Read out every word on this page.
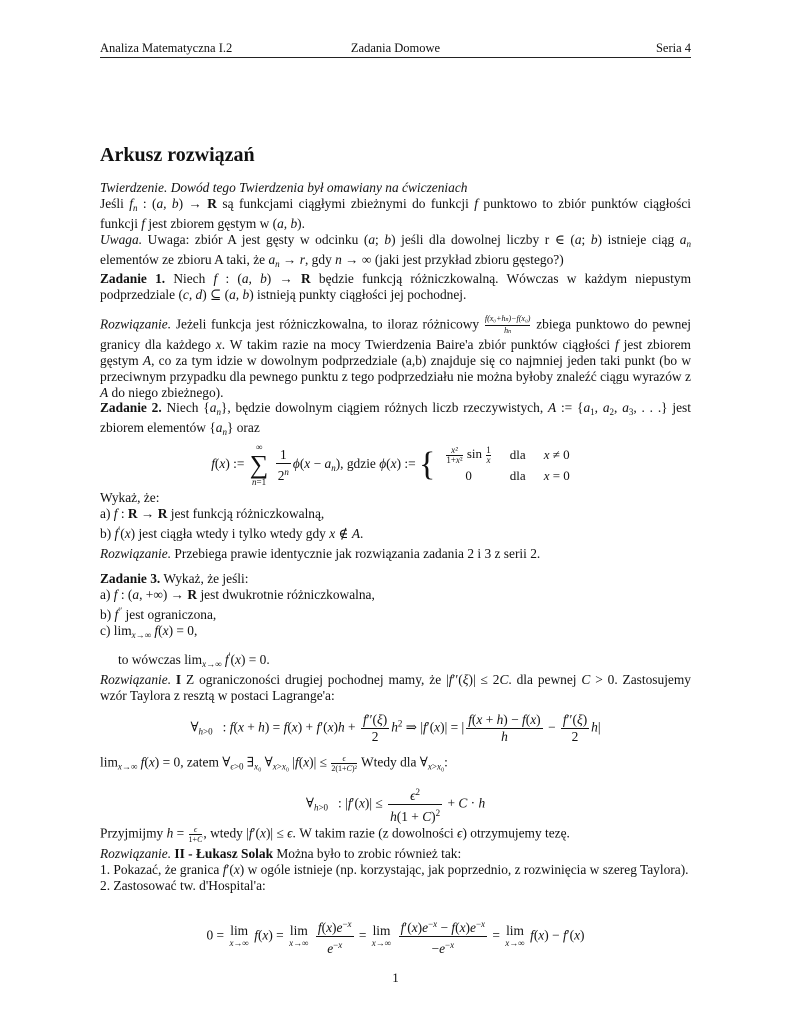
Analiza Matematyczna I.2	Zadania Domowe	Seria 4
Arkusz rozwiązań

Twierdzenie. Dowód tego Twierdzenia był omawiany na ćwiczeniach

Jeśli $f_n$ : (a, b) → R są funkcjami ciągłymi zbieżnymi do funkcji f punktowo to zbiór punktów ciągłości funkcji f jest zbiorem gęstym w (a, b).

Uwaga. Uwaga: zbiór A jest gęsty w odcinku (a; b) jeśli dla dowolnej liczby r ∈ (a; b) istnieje ciąg $a_n$ elementów ze zbioru A taki, że $a_n \to r$, gdy n → ∞ (jaki jest przykład zbioru gęstego?)

Zadanie 1. Niech f : (a, b) → R będzie funkcją różniczkowalną. Wówczas w każdym niepustym podprzedziale (c, d) ⊆ (a, b) istnieją punkty ciągłości jej pochodnej.

Rozwiązanie. Jeżeli funkcja jest różniczkowalna, to iloraz różnicowy $\frac{\text{f(x₀+hn)−f(x₀)}}{hn}$ zbiega punktowo do pewnej granicy dla każdego x. W takim razie na mocy Twierdzenia Baire'a zbiór punktów ciągłości f jest zbiorem gęstym A, co za tym idzie w dowolnym podprzedziale (a,b) znajduje się co najmniej jeden taki punkt (bo w przeciwnym przypadku dla pewnego punktu z tego podprzedziału nie można byłoby znaleźć ciągu wyrazów z A do niego zbieżnego).

Zadanie 2. Niech $\{a_n\}$, będzie dowolnym ciągiem różnych liczb rzeczywistych, A := {$a_1$, $a_2$, $a_3$, . . .} jest zbiorem elementów $\{a_n\}$ oraz

f(x) :=
∞
∑
n=1
$\frac{1}{2^n} \phi(x - a_n)$, gdzie ϕ(x) := { $\frac{\text{x²}}{\text{1+x²}}$ $\sin \frac{1}{x}$	dla	x ≠ 0
0	dla	x = 0

Wykaż, że:

a) f : R → R jest funkcją różniczkowalną,

b) f′(x) jest ciągła wtedy i tylko wtedy gdy x ∉ A.

Rozwiązanie. Przebiega prawie identycznie jak rozwiązania zadania 2 i 3 z serii 2.

Zadanie 3. Wykaż, że jeśli:

a) f : (a, +∞) → R jest dwukrotnie różniczkowalna,

b) f′′ jest ograniczona,

c) $\lim_{x\to\infty} f(x) = 0$,

to wówczas $\lim_{x\to\infty} f'(x) = 0$.

Rozwiązanie. I Z ograniczoności drugiej pochodnej mamy, że |f′′(ξ)| ≤ 2C. dla pewnej C > 0. Zastosujemy wzór Taylora z resztą w postaci Lagrange'a:

$\forall_{h>0}$   : $f(x + h) = f(x) + f'(x)h + \frac{f''(\xi)}{2} h^2$ ⇒ |f′(x)| = | $\frac{f(x + h) - f(x)}{h} - \frac{f''(\xi)}{2} h|$

$\lim_{x\to\infty} f(x) = 0$, zatem $\forall_{\epsilon>0}$ $\exists_{x_0}$ $\forall_{x>x_0}$ $|f(x)| \le \frac{\epsilon}{\text{2(1+C)²}}$ Wtedy dla $\forall_{x>x_0}$:

$\forall_{h>0}$   : $|f'(x)| \le \frac{\epsilon^2}{h(1 + C)^2} + C \cdot h$

Przyjmijmy $h = \frac{\epsilon}{1+C}$ , wtedy |f′(x)| ≤ ϵ. W takim razie (z dowolności ϵ) otrzymujemy tezę.

Rozwiązanie. II - Łukasz Solak Można było to zrobic również tak:

1. Pokazać, że granica f′(x) w ogóle istnieje (np. korzystając, jak poprzednio, z rozwinięcia w szereg Taylora).

2. Zastosować tw. d'Hospital'a:

0 = lim
x→∞ f(x) = lim
x→∞
$\frac{f(x)e^{-x}}{e^{-x}} = \lim$
x→∞
$\frac{f'(x)e^{-x} - f(x)e^{-x}}{-e^{-x}} = \lim$
x→∞ f(x) − f′(x)
1
